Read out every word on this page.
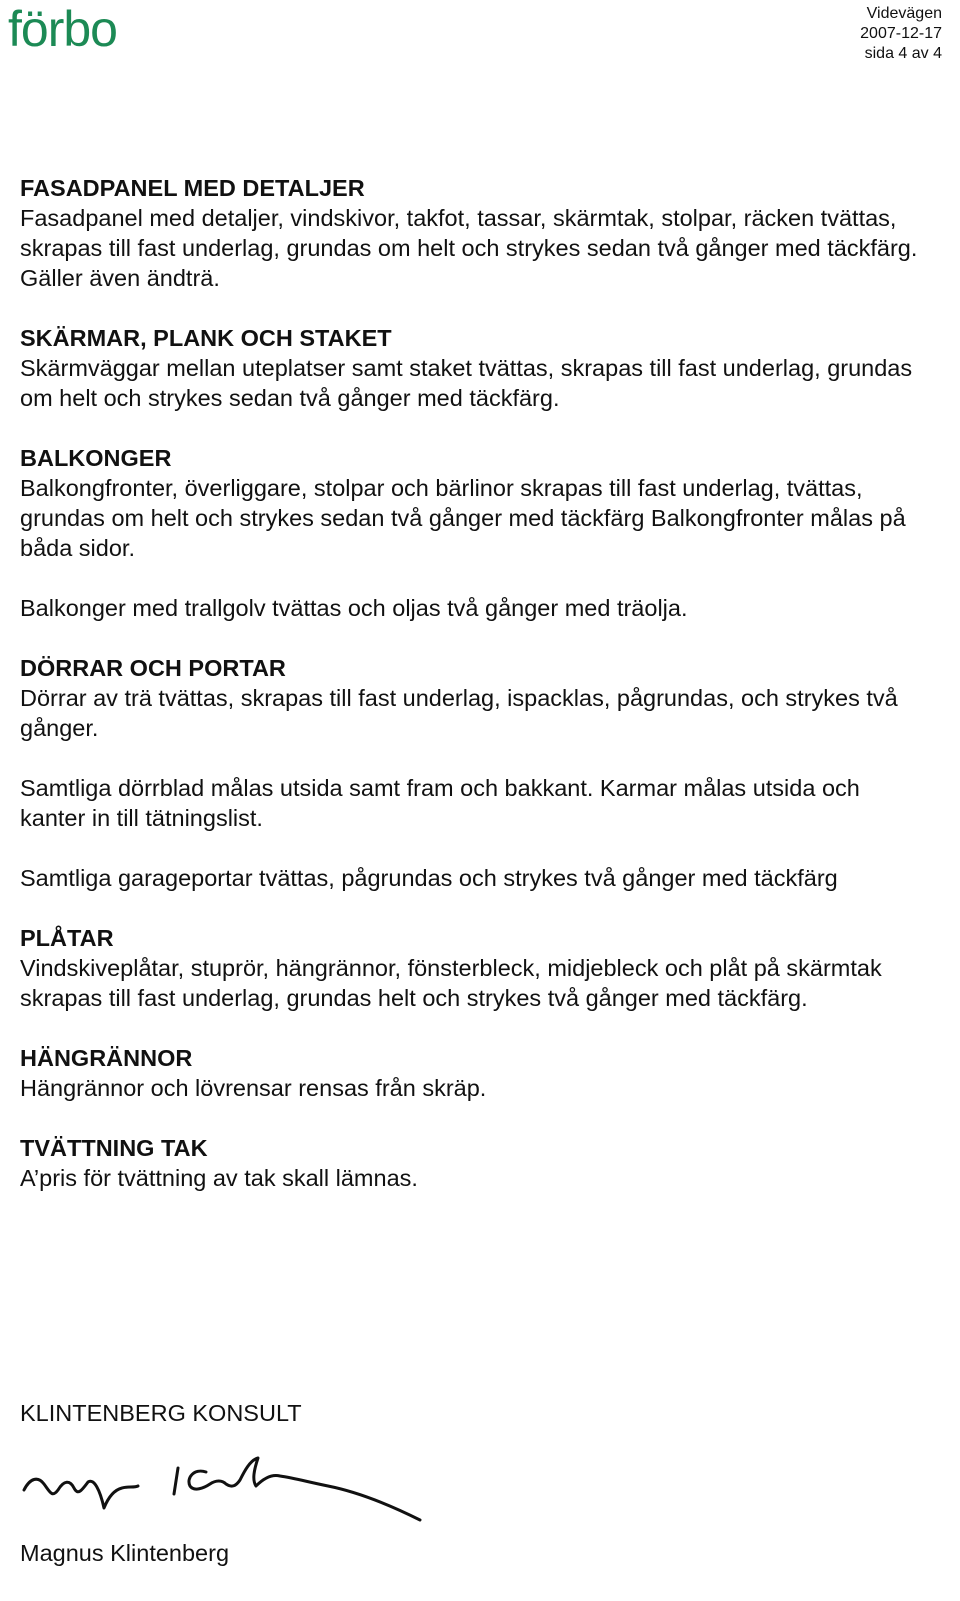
förbo	Videvägen
2007-12-17
sida 4 av 4
FASADPANEL MED DETALJER
Fasadpanel med detaljer, vindskivor, takfot, tassar, skärmtak, stolpar, räcken tvättas, skrapas till fast underlag, grundas om helt och strykes sedan två gånger med täckfärg.
Gäller även ändträ.
SKÄRMAR, PLANK OCH STAKET
Skärmväggar mellan uteplatser samt staket tvättas, skrapas till fast underlag, grundas om helt och strykes sedan två gånger med täckfärg.
BALKONGER
Balkongfronter, överliggare, stolpar och bärlinor skrapas till fast underlag, tvättas, grundas om helt och strykes sedan två gånger med täckfärg Balkongfronter målas på båda sidor.
Balkonger med trallgolv tvättas och oljas två gånger med träolja.
DÖRRAR OCH PORTAR
Dörrar av trä tvättas, skrapas till fast underlag, ispacklas, pågrundas, och strykes två gånger.
Samtliga dörrblad målas utsida samt fram och bakkant. Karmar målas utsida och kanter in till tätningslist.
Samtliga garageportar tvättas, pågrundas och strykes två gånger med täckfärg
PLÅTAR
Vindskiveplåtar, stuprör, hängrännor, fönsterbleck, midjebleck och plåt på skärmtak skrapas till fast underlag, grundas helt och strykes två gånger med täckfärg.
HÄNGRÄNNOR
Hängrännor och lövrensar rensas från skräp.
TVÄTTNING TAK
A’pris för tvättning av tak skall lämnas.
KLINTENBERG KONSULT
Magnus Klintenberg
